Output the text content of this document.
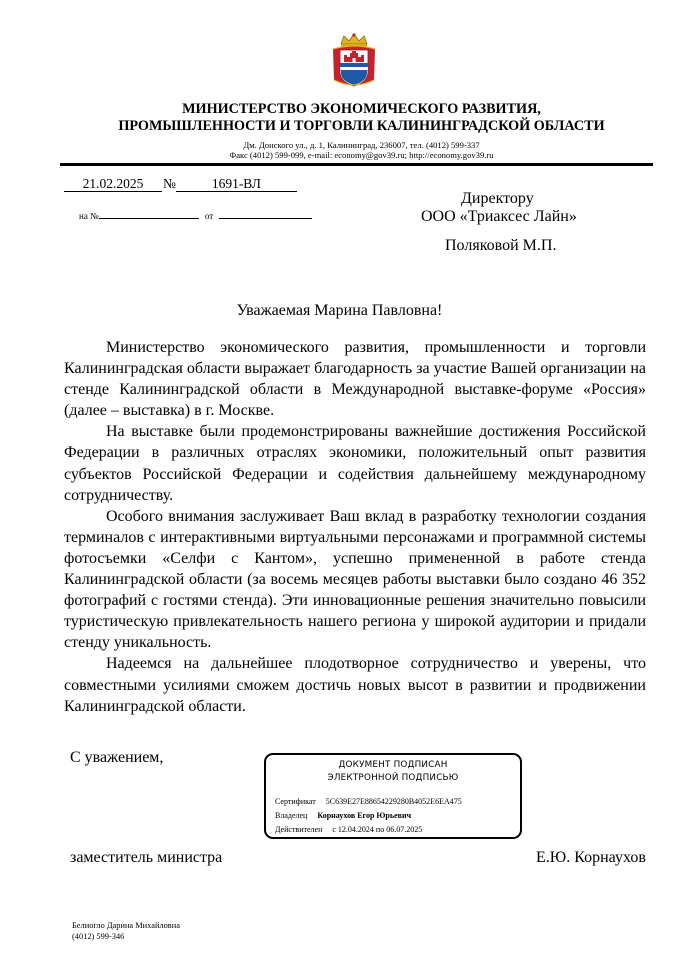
МИНИСТЕРСТВО ЭКОНОМИЧЕСКОГО РАЗВИТИЯ,
ПРОМЫШЛЕННОСТИ И ТОРГОВЛИ КАЛИНИНГРАДСКОЙ ОБЛАСТИ
Дм. Донского ул., д. 1, Калининград, 236007, тел. (4012) 599-337
Факс (4012) 599-099, e-mail: economy@gov39.ru; http://economy.gov39.ru
21.02.2025 №	1691-ВЛ
на №	от
Директору
ООО «Триаксес Лайн»
Поляковой М.П.
Уважаемая Марина Павловна!

Министерство экономического развития, промышленности и торговли Калининградская области выражает благодарность за участие Вашей организации на стенде Калининградской области в Международной выставке-форуме «Россия» (далее – выставка) в г. Москве.

На выставке были продемонстрированы важнейшие достижения Российской Федерации в различных отраслях экономики, положительный опыт развития субъектов Российской Федерации и содействия дальнейшему международному сотрудничеству.

Особого внимания заслуживает Ваш вклад в разработку технологии создания терминалов с интерактивными виртуальными персонажами и программной системы фотосъемки «Селфи с Кантом», успешно примененной в работе стенда Калининградской области (за восемь месяцев работы выставки было создано 46 352 фотографий с гостями стенда). Эти инновационные решения значительно повысили туристическую привлекательность нашего региона у широкой аудитории и придали стенду уникальность.

Надеемся на дальнейшее плодотворное сотрудничество и уверены, что совместными усилиями сможем достичь новых высот в развитии и продвижении Калининградской области.

С уважением,	ДОКУМЕНТ ПОДПИСАН
ЭЛЕКТРОННОЙ ПОДПИСЬЮ
Сертификат 5C639E27E88654229280B4052E6EA475
Владелец Корнаухов Егор Юрьевич
Действителен с 12.04.2024 по 06.07.2025
заместитель министра	Е.Ю. Корнаухов
Белиогло Дарина Михайловна
(4012) 599-346
